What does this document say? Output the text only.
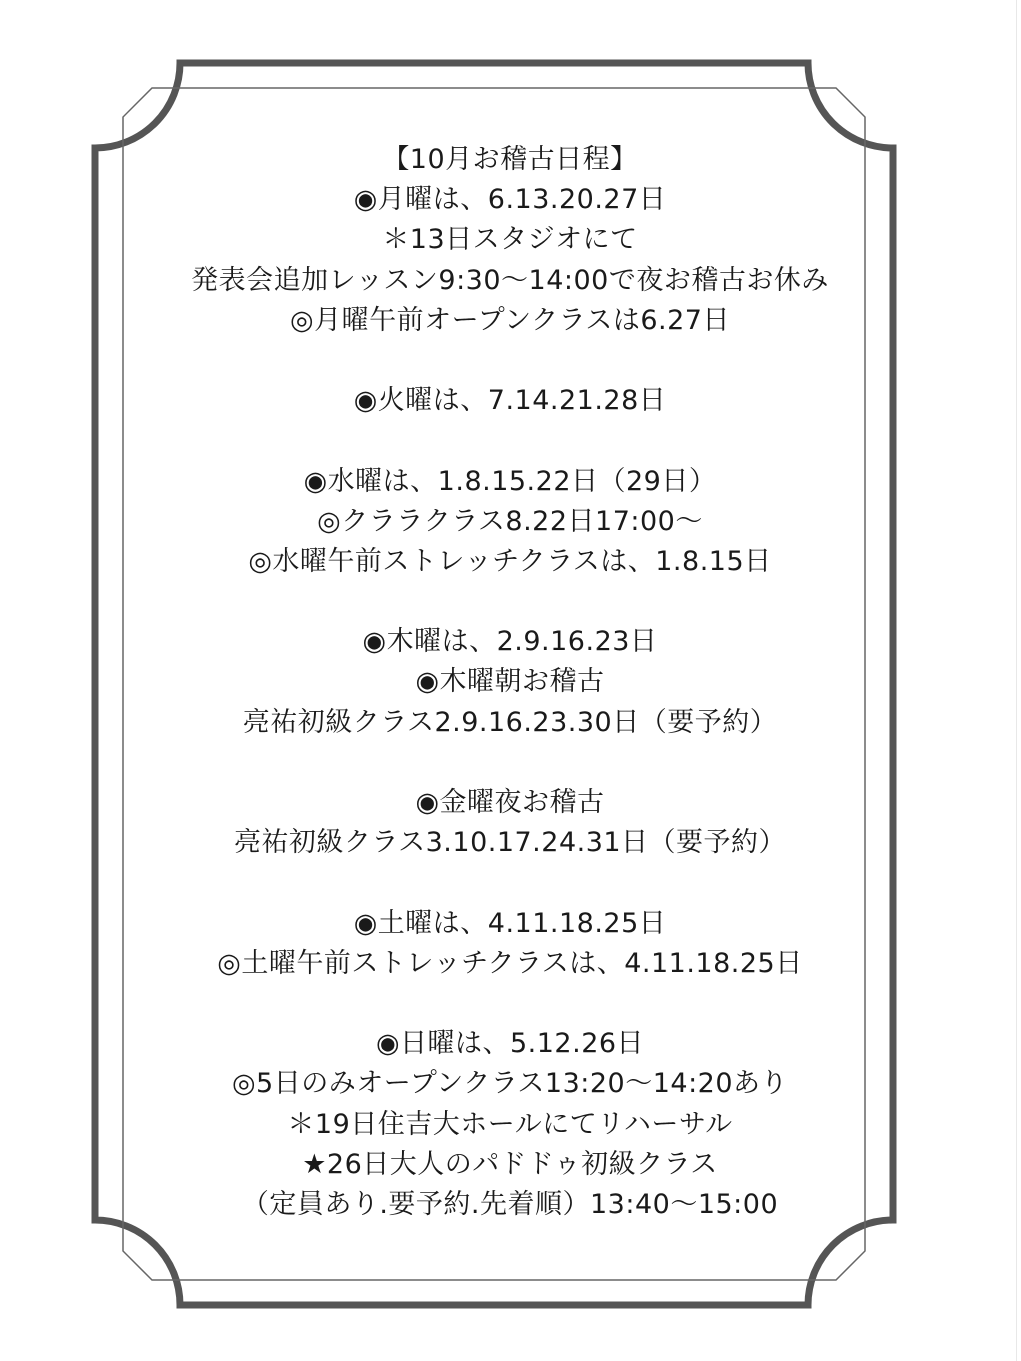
【10月お稽古日程】
◉月曜は、6.13.20.27日
＊13日スタジオにて
発表会追加レッスン9:30〜14:00で夜お稽古お休み
◎月曜午前オープンクラスは6.27日
◉火曜は、7.14.21.28日
◉水曜は、1.8.15.22日（29日）
◎クララクラス8.22日17:00〜
◎水曜午前ストレッチクラスは、1.8.15日
◉木曜は、2.9.16.23日
◉木曜朝お稽古
亮祐初級クラス2.9.16.23.30日（要予約）
◉金曜夜お稽古
亮祐初級クラス3.10.17.24.31日（要予約）
◉土曜は、4.11.18.25日
◎土曜午前ストレッチクラスは、4.11.18.25日
◉日曜は、5.12.26日
◎5日のみオープンクラス13:20〜14:20あり
＊19日住吉大ホールにてリハーサル
★26日大人のパドドゥ初級クラス
（定員あり.要予約.先着順）13:40〜15:00
